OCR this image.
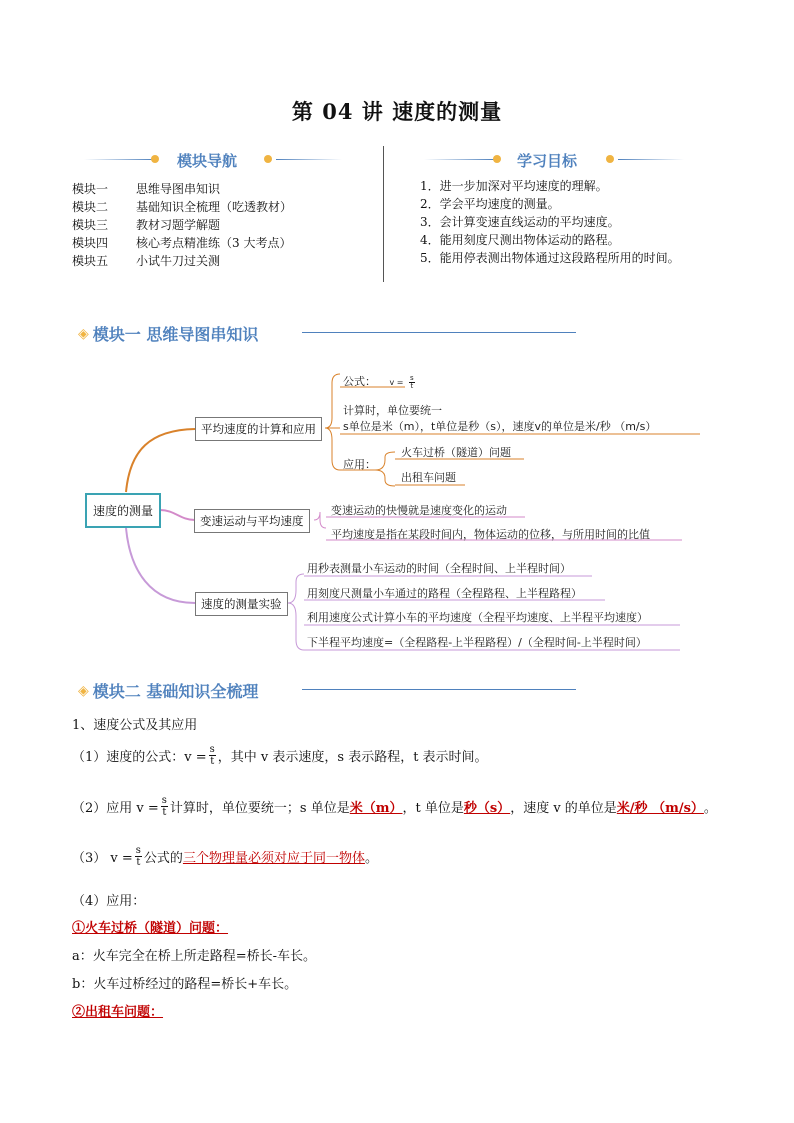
第 04 讲 速度的测量
模块导航
模块一	思维导图串知识
模块二	基础知识全梳理（吃透教材）
模块三	教材习题学解题
模块四	核心考点精准练（3 大考点）
模块五	小试牛刀过关测
学习目标
1．进一步加深对平均速度的理解。
2．学会平均速度的测量。
3．会计算变速直线运动的平均速度。
4．能用刻度尺测出物体运动的路程。
5．能用停表测出物体通过这段路程所用的时间。
◈ 模块一 思维导图串知识
速度的测量
平均速度的计算和应用
公式： $v = \frac{s}{t}$
计算时，单位要统一
s单位是米（m），t单位是秒（s），速度v的单位是米/秒 （m/s）
应用：
火车过桥（隧道）问题
出租车问题
变速运动与平均速度
变速运动的快慢就是速度变化的运动
平均速度是指在某段时间内，物体运动的位移，与所用时间的比值
速度的测量实验
用秒表测量小车运动的时间（全程时间、上半程时间）
用刻度尺测量小车通过的路程（全程路程、上半程路程）
利用速度公式计算小车的平均速度（全程平均速度、上半程平均速度）
下半程平均速度=（全程路程-上半程路程）/（全程时间-上半程时间）
◈ 模块二 基础知识全梳理
1、速度公式及其应用
（1）速度的公式：$v = \frac{s}{t}$ ，其中 v 表示速度，s 表示路程，t 表示时间。
（2）应用 $v = \frac{s}{t}$ 计算时，单位要统一；s 单位是 米（m） ，t 单位是 秒（s） ，速度 v 的单位是 米/秒 （m/s） 。
（3） $v = \frac{s}{t}$ 公式的 三个物理量必须对应于同一物体 。
（4）应用：
①火车过桥（隧道）问题：
a：火车完全在桥上所走路程=桥长-车长。
b：火车过桥经过的路程=桥长+车长。
②出租车问题：
